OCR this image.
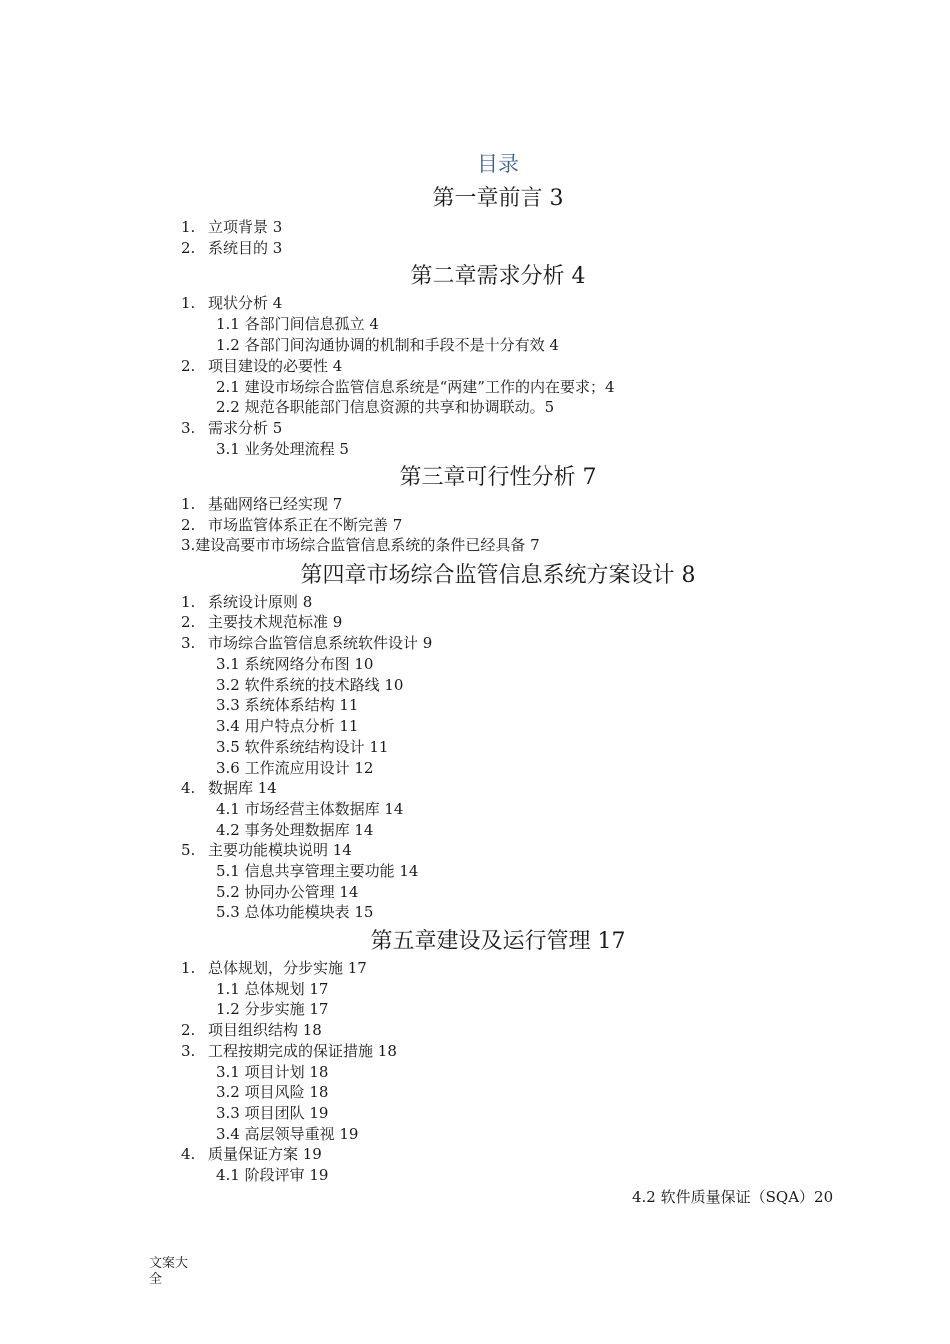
目录
第一章前言 3
1. 立项背景 3
2. 系统目的 3
第二章需求分析 4
1. 现状分析 4
1.1 各部门间信息孤立 4
1.2 各部门间沟通协调的机制和手段不是十分有效 4
2. 项目建设的必要性 4
2.1 建设市场综合监管信息系统是“两建”工作的内在要求；4
2.2 规范各职能部门信息资源的共享和协调联动。5
3. 需求分析 5
3.1 业务处理流程 5
第三章可行性分析 7
1. 基础网络已经实现 7
2. 市场监管体系正在不断完善 7
3.建设高要市市场综合监管信息系统的条件已经具备 7
第四章市场综合监管信息系统方案设计 8
1. 系统设计原则 8
2. 主要技术规范标准 9
3. 市场综合监管信息系统软件设计 9
3.1 系统网络分布图 10
3.2 软件系统的技术路线 10
3.3 系统体系结构 11
3.4 用户特点分析 11
3.5 软件系统结构设计 11
3.6 工作流应用设计 12
4. 数据库 14
4.1 市场经营主体数据库 14
4.2 事务处理数据库 14
5. 主要功能模块说明 14
5.1 信息共享管理主要功能 14
5.2 协同办公管理 14
5.3 总体功能模块表 15
第五章建设及运行管理 17
1. 总体规划，分步实施 17
1.1 总体规划 17
1.2 分步实施 17
2. 项目组织结构 18
3. 工程按期完成的保证措施 18
3.1 项目计划 18
3.2 项目风险 18
3.3 项目团队 19
3.4 高层领导重视 19
4. 质量保证方案 19
4.1 阶段评审 19
4.2 软件质量保证（SQA）20
文案大全
